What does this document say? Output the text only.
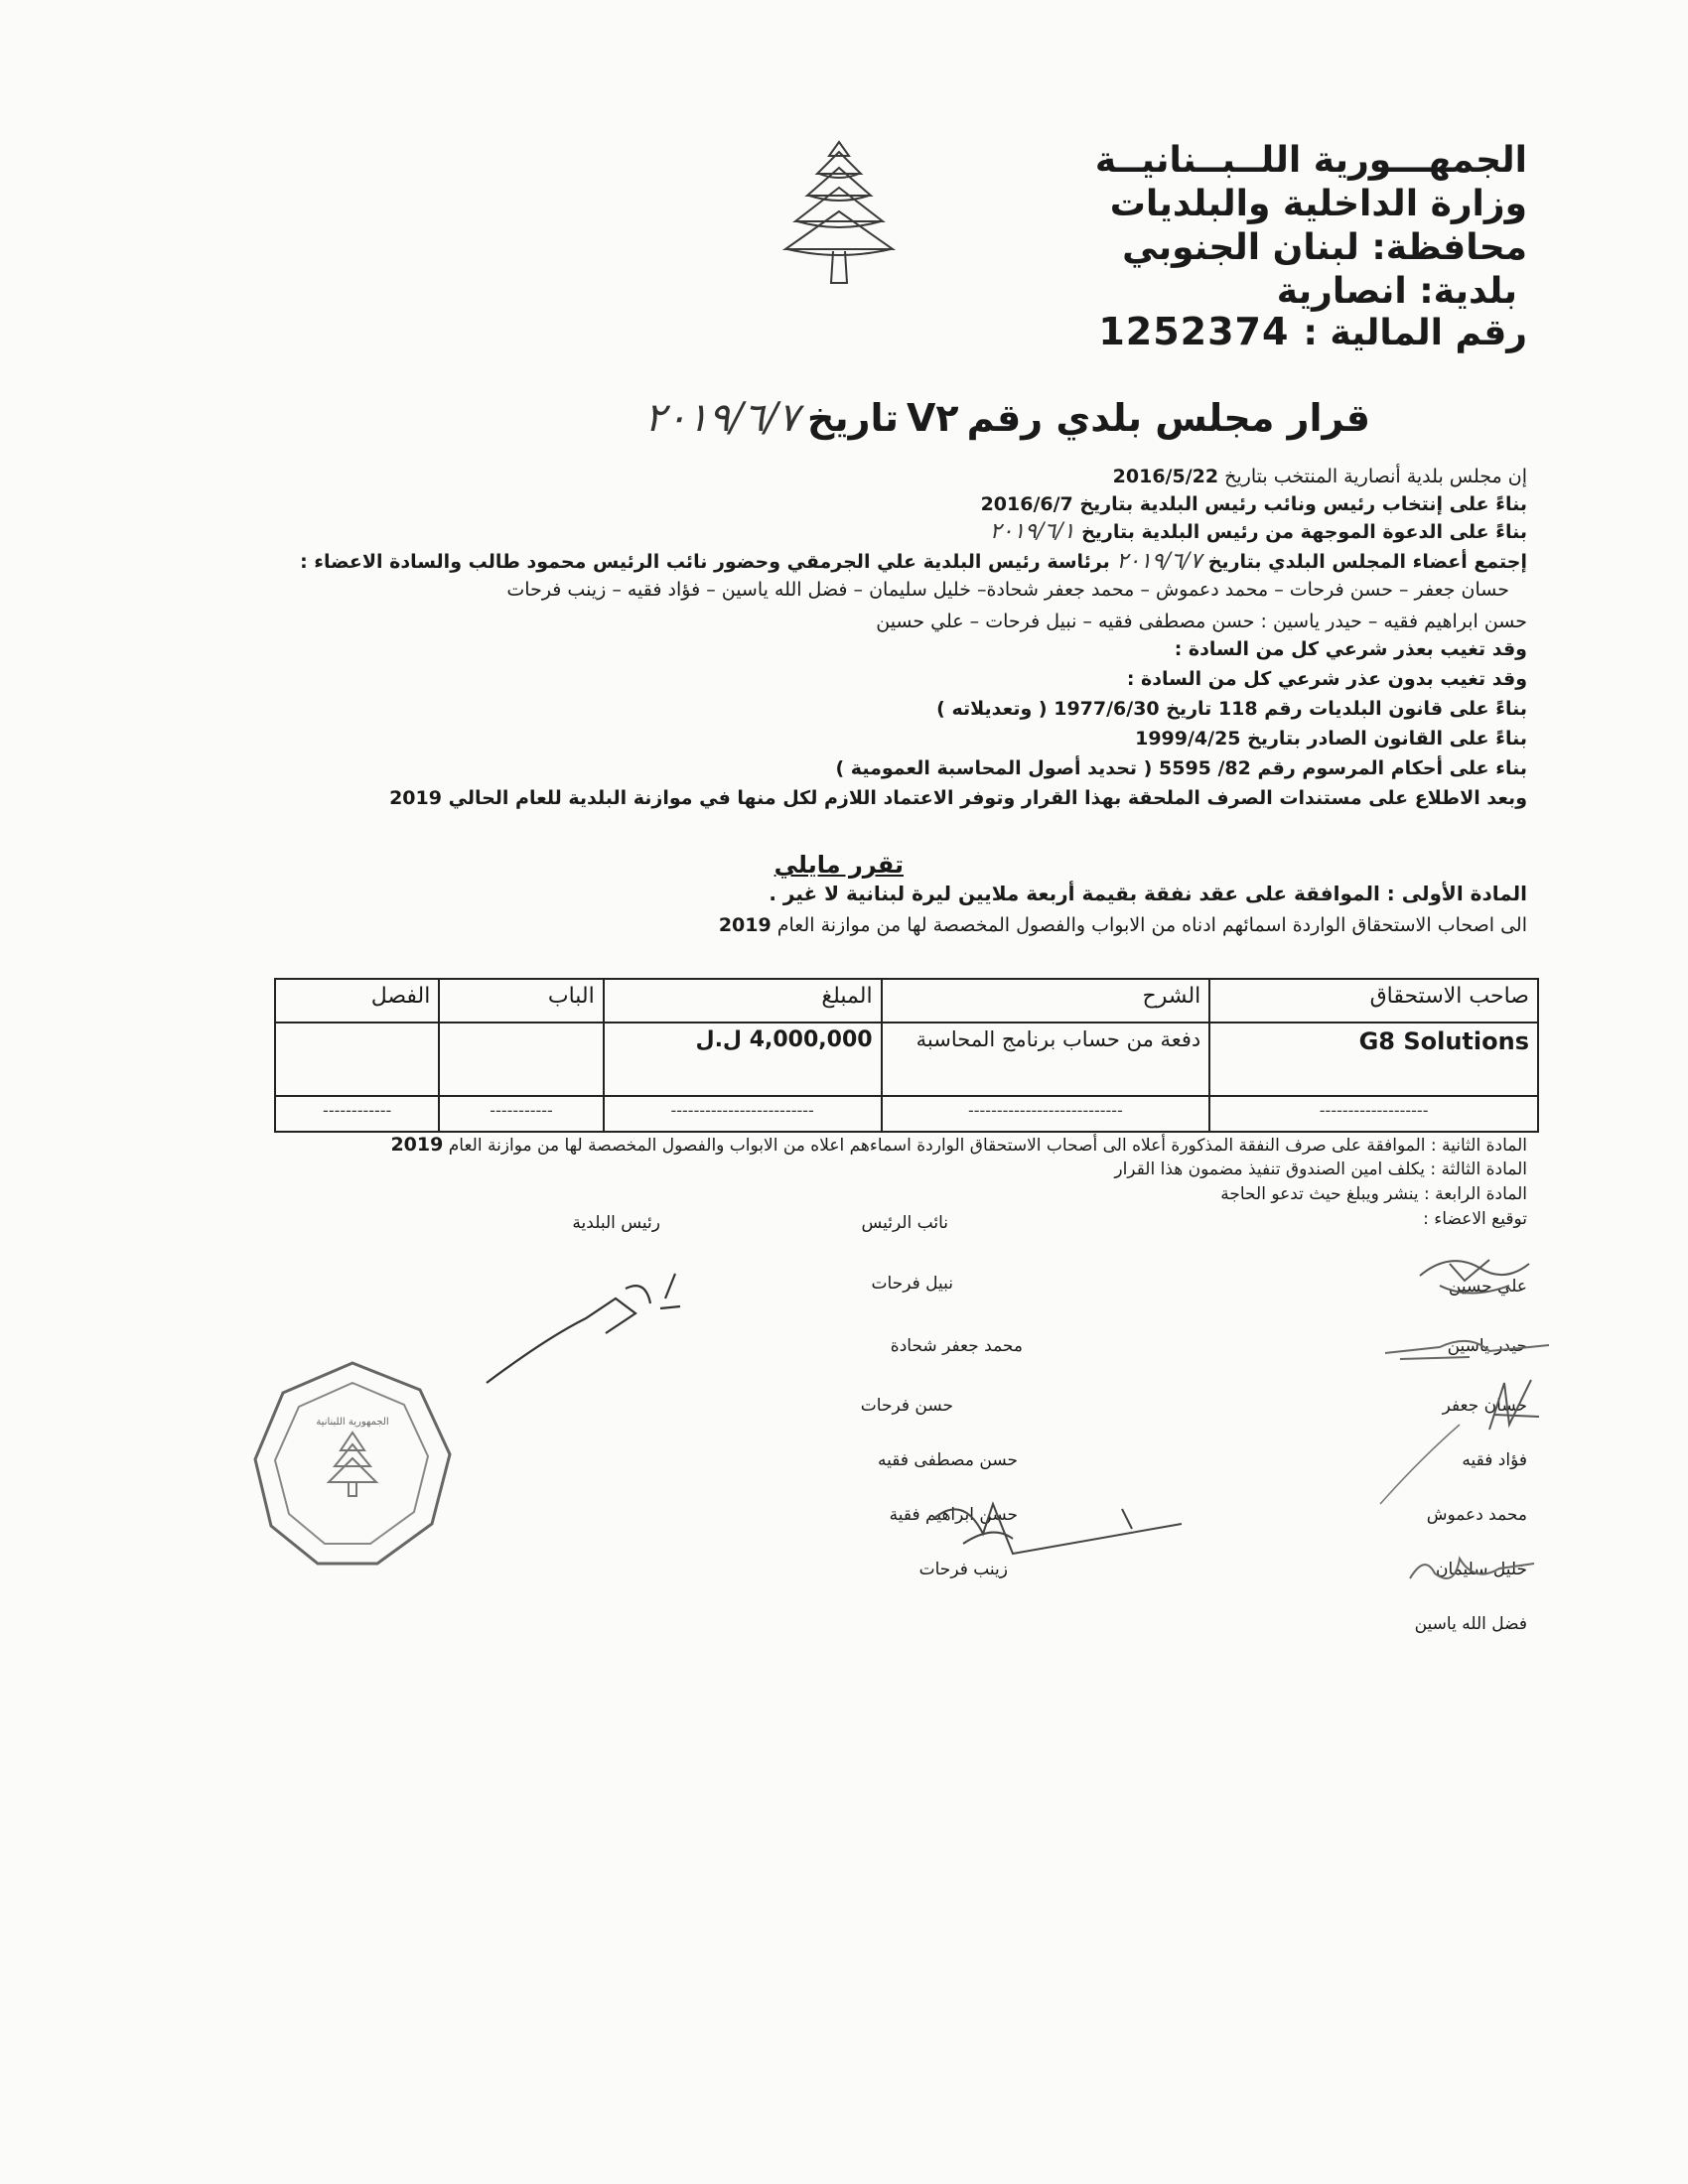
الجمهـــورية اللــبــنانيــة
وزارة الداخلية والبلديات
محافظة: لبنان الجنوبي
بلدية: انصارية
رقم المالية :
1252374
قرار مجلس بلدي رقم
V٢
تاريخ
٢٠١٩/٦/٧
إن مجلس بلدية أنصارية المنتخب بتاريخ 2016/5/22
بناءً على إنتخاب رئيس ونائب رئيس البلدية بتاريخ 2016/6/7
بناءً على الدعوة الموجهة من رئيس البلدية بتاريخ ٢٠١٩/٦/١
إجتمع أعضاء المجلس البلدي بتاريخ ٢٠١٩/٦/٧ برئاسة رئيس البلدية علي الجرمقي وحضور نائب الرئيس محمود طالب والسادة الاعضاء :
حسان جعفر – حسن فرحات – محمد دعموش – محمد جعفر شحادة– خليل سليمان – فضل الله ياسين – فؤاد فقيه – زينب فرحات
حسن ابراهيم فقيه – حيدر ياسين : حسن مصطفى فقيه – نبيل فرحات – علي حسين
وقد تغيب بعذر شرعي كل من السادة :
وقد تغيب بدون عذر شرعي كل من السادة :
بناءً على قانون البلديات رقم 118 تاريخ 1977/6/30 ( وتعديلاته )
بناءً على القانون الصادر بتاريخ 1999/4/25
بناء على أحكام المرسوم رقم 5595 /82 ( تحديد أصول المحاسبة العمومية )
وبعد الاطلاع على مستندات الصرف الملحقة بهذا القرار وتوفر الاعتماد اللازم لكل منها في موازنة البلدية للعام الحالي 2019
تقرر مايلي
المادة الأولى : الموافقة على عقد نفقة بقيمة أربعة ملايين ليرة لبنانية لا غير .
الى اصحاب الاستحقاق الواردة اسمائهم ادناه من الابواب والفصول المخصصة لها من موازنة العام 2019
صاحب الاستحقاق	الشرح	المبلغ	الباب	الفصل
G8 Solutions	دفعة من حساب برنامج المحاسبة	4,000,000 ل.ل		
-------------------	---------------------------	-------------------------	-----------	------------
المادة الثانية : الموافقة على صرف النفقة المذكورة أعلاه الى أصحاب الاستحقاق الواردة اسماءهم اعلاه من الابواب والفصول المخصصة لها من موازنة العام 2019
المادة الثالثة : يكلف امين الصندوق تنفيذ مضمون هذا القرار
المادة الرابعة : ينشر ويبلغ حيث تدعو الحاجة
توقيع الاعضاء :
نائب الرئيس
رئيس البلدية
علي حسين
حيدر ياسين
حسان جعفر
فؤاد فقيه
محمد دعموش
خليل سليمان
فضل الله ياسين
نبيل فرحات
محمد جعفر شحادة
حسن فرحات
حسن مصطفى فقيه
حسن ابراهيم فقية
زينب فرحات
الجمهورية اللبنانية
